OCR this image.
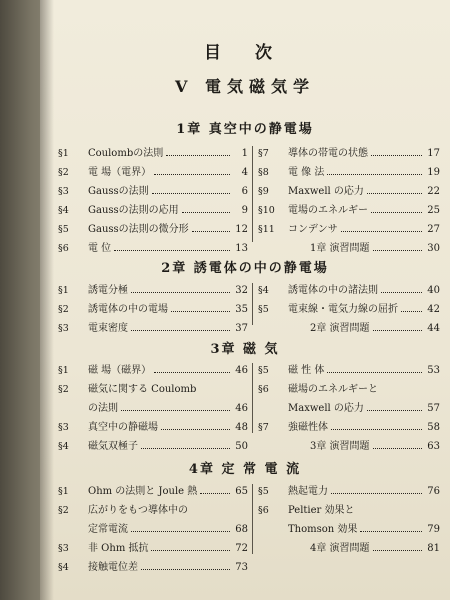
目 次
V 電気磁気学
1章 真空中の静電場
§1	Coulombの法則	1
§2	電 場（電界）	4
§3	Gaussの法則	6
§4	Gaussの法則の応用	9
§5	Gaussの法則の微分形	12
§6	電 位	13
§7	導体の帯電の状態	17
§8	電 像 法	19
§9	Maxwell の応力	22
§10	電場のエネルギー	25
§11	コンデンサ	27
1章 演習問題	30
2章 誘電体の中の静電場
§1	誘電分極	32
§2	誘電体の中の電場	35
§3	電束密度	37
§4	誘電体の中の諸法則	40
§5	電束線・電気力線の屈折	42
2章 演習問題	44
3章 磁 気
§1	磁 場（磁界）	46
§2	磁気に関する Coulomb
の法則	46
§3	真空中の静磁場	48
§4	磁気双極子	50
§5	磁 性 体	53
§6	磁場のエネルギーと
Maxwell の応力	57
§7	強磁性体	58
3章 演習問題	63
4章 定 常 電 流
§1	Ohm の法則と Joule 熱	65
§2	広がりをもつ導体中の
定常電流	68
§3	非 Ohm 抵抗	72
§4	接触電位差	73
§5	熱起電力	76
§6	Peltier 効果と
Thomson 効果	79
4章 演習問題	81
